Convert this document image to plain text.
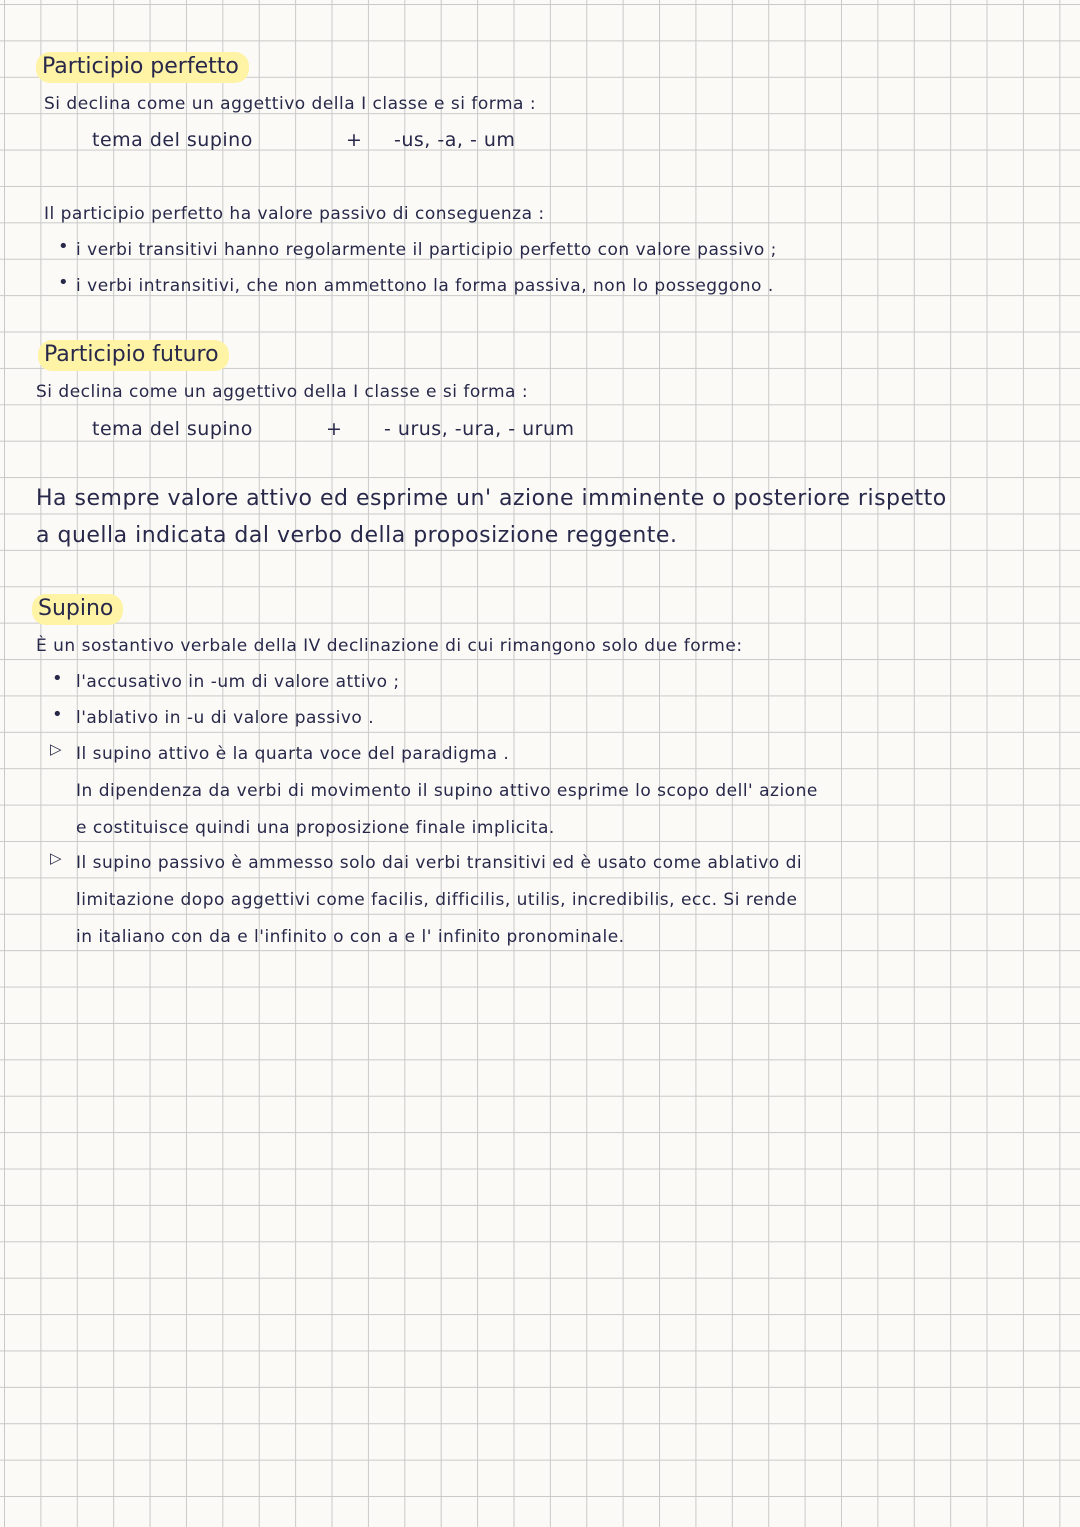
Participio perfetto
Si declina come un aggettivo della I classe e si forma :
tema del supino	+ -us, -a, - um
Il participio perfetto ha valore passivo di conseguenza :
• i verbi transitivi hanno regolarmente il participio perfetto con valore passivo ;
• i verbi intransitivi, che non ammettono la forma passiva, non lo posseggono .
Participio futuro
Si declina come un aggettivo della I classe e si forma :
tema del supino	+ - urus, -ura, - urum
Ha sempre valore attivo ed esprime un' azione imminente o posteriore rispetto
a quella indicata dal verbo della proposizione reggente.
Supino
È un sostantivo verbale della IV declinazione di cui rimangono solo due forme:
• l'accusativo in -um di valore attivo ;
• l'ablativo in -u di valore passivo .
▷ Il supino attivo è la quarta voce del paradigma .
In dipendenza da verbi di movimento il supino attivo esprime lo scopo dell' azione
e costituisce quindi una proposizione finale implicita.
▷ Il supino passivo è ammesso solo dai verbi transitivi ed è usato come ablativo di
limitazione dopo aggettivi come facilis, difficilis, utilis, incredibilis, ecc. Si rende
in italiano con da e l'infinito o con a e l' infinito pronominale.
